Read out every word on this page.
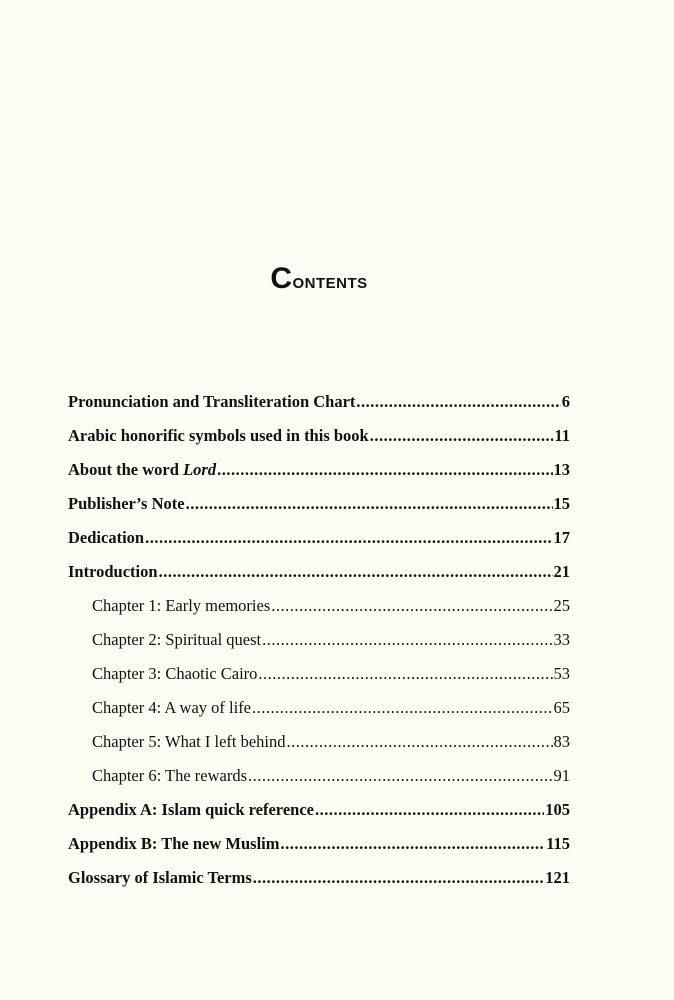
Contents
Pronunciation and Transliteration Chart .....	6
Arabic honorific symbols used in this book .....	11
About the word Lord .....	13
Publisher’s Note .....	15
Dedication .....	17
Introduction .....	21
Chapter 1: Early memories .....	25
Chapter 2: Spiritual quest .....	33
Chapter 3: Chaotic Cairo .....	53
Chapter 4: A way of life .....	65
Chapter 5: What I left behind .....	83
Chapter 6: The rewards .....	91
Appendix A: Islam quick reference .....	105
Appendix B: The new Muslim .....	115
Glossary of Islamic Terms .....	121
